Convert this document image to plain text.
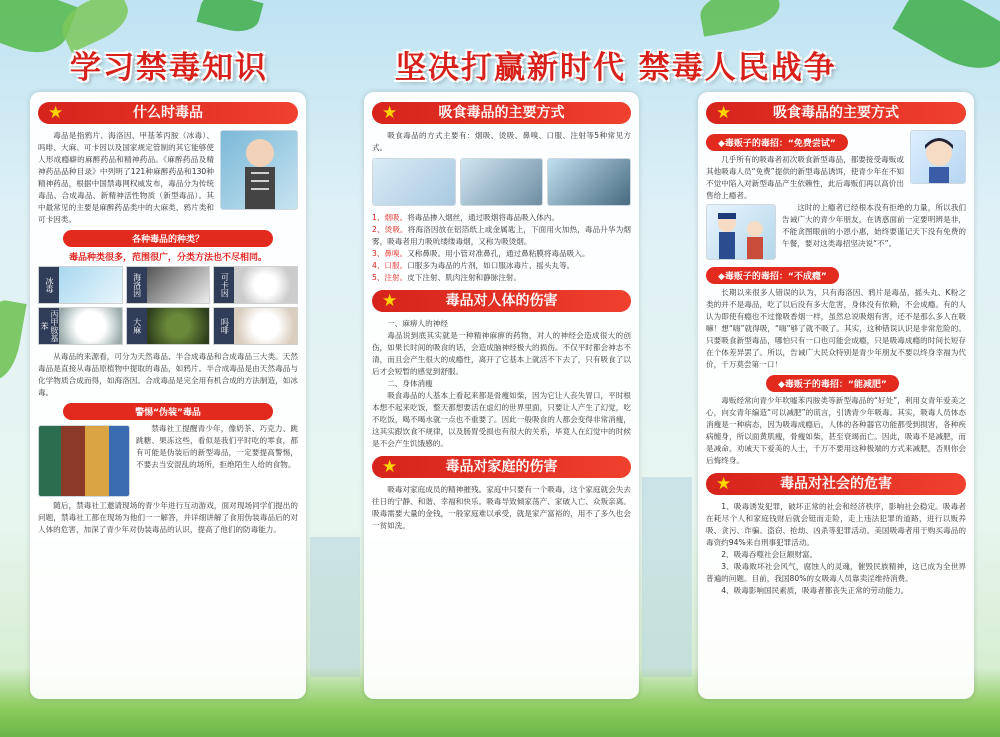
学习禁毒知识	坚决打赢新时代 禁毒人民战争
★	什么时毒品

毒品是指鸦片、海洛因、甲基苯丙胺（冰毒）、吗啡、大麻、可卡因以及国家规定管制的其它能够使人形成瘾癖的麻醉药品和精神药品。《麻醉药品及精神药品品种目录》中列明了121种麻醉药品和130种精神药品，根据中国禁毒网权威发布，毒品分为传统毒品、合成毒品、新精神活性物质（新型毒品）。其中最常见的主要是麻醉药品类中的大麻类、鸦片类和可卡因类。

各种毒品的种类？
毒品种类很多，范围很广，分类方法也不尽相同。
冰毒	海洛因	可卡因
丙甲胺基苯	大麻	吗啡

从毒品的来源看，可分为天然毒品、半合成毒品和合成毒品三大类。天然毒品是直接从毒品原植物中提取的毒品，如鸦片。半合成毒品是由天然毒品与化学物质合成而得，如海洛因。合成毒品是完全用有机合成的方法制造，如冰毒。

警惕“伪装”毒品

禁毒社工提醒青少年，像奶茶、巧克力、跳跳糖、果冻这些，看似是我们平时吃的零食，都有可能是伪装后的新型毒品，一定要提高警惕，不要去当安混乱的场所，拒绝陌生人给的食物。

随后，禁毒社工邀请现场的青少年进行互动游戏，面对现场同学们提出的问题，禁毒社工都在现场为他们一一解答，并详细讲解了食用伪装毒品后的对人体的危害，加深了青少年对伪装毒品的认识，提高了他们的防毒能力。

★	吸食毒品的主要方式

吸食毒品的方式主要有：烟吸、烫吸、鼻嗅、口服、注射等5种常见方式。

1、烟吸。将毒品掺入烟丝，通过吸烟将毒品吸入体内。

2、烫吸。将海洛因放在铝箔纸上或金属匙上，下面用火加热，毒品升华为烟雾，吸毒者用力吸吮缕缕毒烟，又称为吸烫烟。

3、鼻嗅。又称鼻吸。用小管对准鼻孔，通过鼻粘膜将毒品吸入。

4、口服。口服多为毒品的片剂，如口服冰毒片、摇头丸等。

5、注射。皮下注射、肌肉注射和静脉注射。

★	毒品对人体的伤害

一、麻痹人的神经

毒品说到底其实就是一种精神麻痹的药物，对人的神经会造成很大的创伤，如果长时间的吸食的话，会造成脑神经极大的损伤。不仅平时都会神志不清，而且会产生很大的成瘾性，离开了它基本上就活不下去了，只有吸食了以后才会短暂的感觉到舒服。

二、身体消瘦

吸食毒品的人基本上看起来都是骨瘦如柴，因为它让人丧失胃口，平时根本想不起来吃饭，整天都想要活在虚幻的世界里面，只要让人产生了幻觉，吃不吃饭，喝不喝水就一点也不重要了。因此一般吸食的人都会变得非常消瘦，这其实跟饮食不规律，以及肠胃受损也有很大的关系，毕竟人在幻觉中的时候是不会产生饥饿感的。

★	毒品对家庭的伤害

吸毒对家庭成员的精神摧残。家庭中只要有一个吸毒，这个家庭就会失去往日的宁静、和谐、幸福和快乐。吸毒导致倾家荡产、家破人亡、众叛亲离。吸毒需要大量的金钱，一般家庭难以承受，就是家产富裕的，用不了多久也会一贫如洗。

★	吸食毒品的主要方式
◆毒贩子的毒招：“免费尝试”

几乎所有的吸毒者初次吸食新型毒品，都要接受毒贩或其他吸毒人员“免费”提供的新型毒品诱饵，使青少年在不知不觉中陷入对新型毒品产生依赖性，此后毒贩们再以高价出售给上瘾者。

这时的上瘾者已经根本没有拒绝的力量，所以我们告诫广大的青少年朋友，在诱惑面前一定要明辨是非，不能贪图眼前的小恩小惠，始终要谨记天下没有免费的午餐，要对这类毒招坚决说“不”。

◆毒贩子的毒招：“不成瘾”

长期以来很多人错误的认为，只有海洛因、鸦片是毒品，摇头丸、K粉之类的并不是毒品，吃了以后没有多大危害，身体没有依赖，不会成瘾。有的人认为即使有瘾也不过像吸香烟一样，虽然总说吸烟有害，还不是那么多人在吸嘛！想“嗨”就得吸，“嗨”够了就不吸了。其实，这种错误认识是非常危险的。只要吸食新型毒品，哪怕只有一口也可能会成瘾，只是吸毒成瘾的时间长短存在个体差异罢了。所以，告诫广大民众特别是青少年朋友不要以终身幸福为代价，千万莫尝第一口！

◆毒贩子的毒招：“能减肥”

毒贩经常向青少年吹嘘苯丙胺类等新型毒品的“好处”，利用女青年爱美之心，向女青年编造“可以减肥”的谎言，引诱青少年吸毒。其实，吸毒人员体态消瘦是一种病态，因为吸毒成瘾后，人体的各种器官功能都受到损害，各种疾病缠身，所以面黄肌瘦，骨瘦如柴，甚至衰竭而亡。因此，吸毒不是减肥，而是减命。劝诫天下爱美的人士，千万不要用这种极端的方式来减肥，否则你会后悔终身。

★	毒品对社会的危害

1、吸毒诱发犯罪，破坏正常的社会和经济秩序，影响社会稳定。吸毒者在耗尽个人和家庭钱财后就会铤而走险，走上违法犯罪的道路，进行以贩养吸、贪污、诈骗、盗窃、抢劫、凶杀等犯罪活动。美国吸毒者用于购买毒品的毒资约94%来自刑事犯罪活动。

2、吸毒吞噬社会巨额财富。

3、吸毒败坏社会风气，腐蚀人的灵魂，催毁民族精神，这已成为全世界普遍的问题。目前，我国80%的女吸毒人员靠卖淫维持消费。

4、吸毒影响国民素质，吸毒者都丧失正常的劳动能力。
